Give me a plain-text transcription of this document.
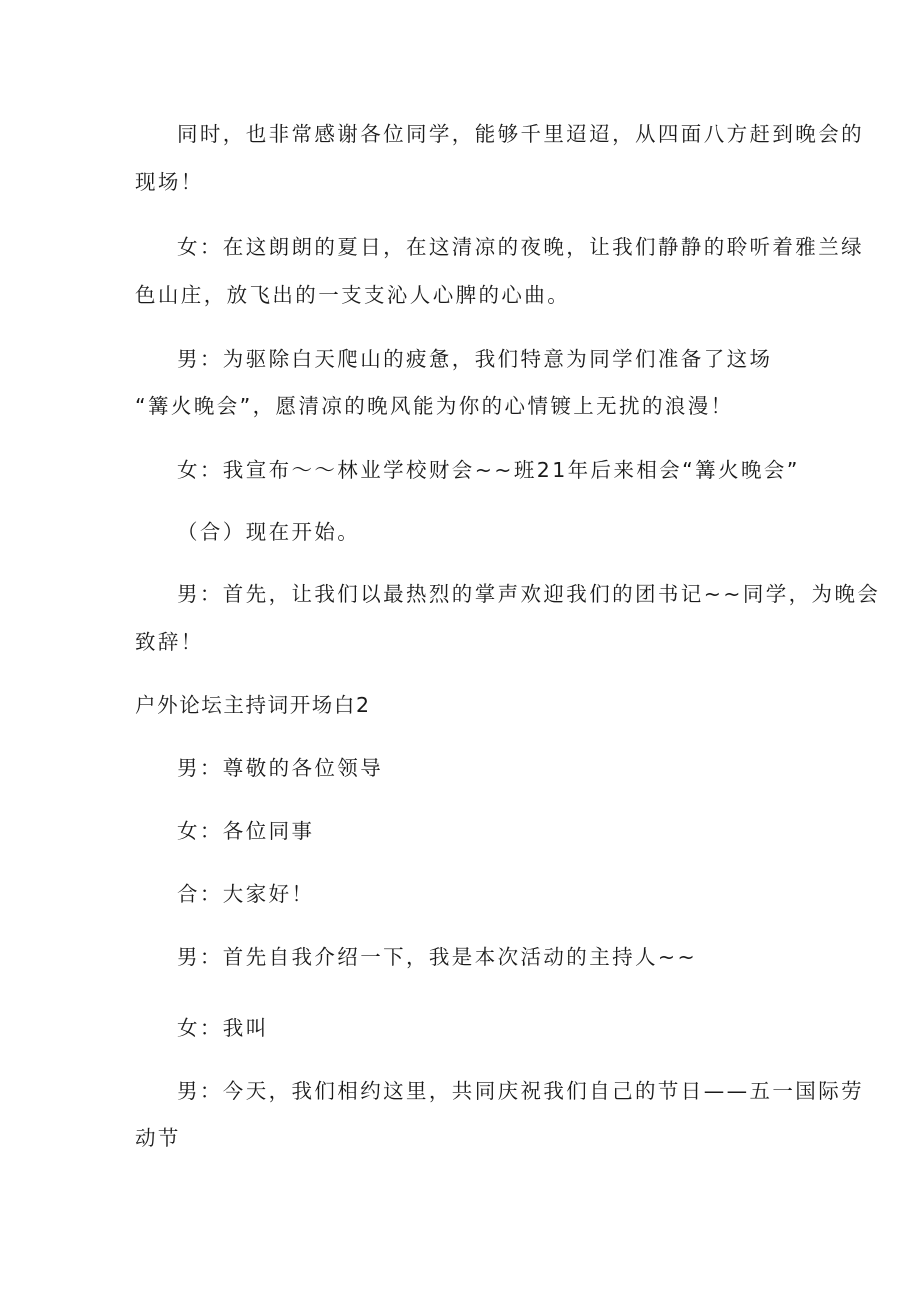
同时，也非常感谢各位同学，能够千里迢迢，从四面八方赶到晚会的
现场！
女：在这朗朗的夏日，在这清凉的夜晚，让我们静静的聆听着雅兰绿
色山庄，放飞出的一支支沁人心脾的心曲。
男：为驱除白天爬山的疲惫，我们特意为同学们准备了这场
“篝火晚会”，愿清凉的晚风能为你的心情镀上无扰的浪漫！
女：我宣布～～林业学校财会~~班21年后来相会“篝火晚会”
（合）现在开始。
男：首先，让我们以最热烈的掌声欢迎我们的团书记~~同学，为晚会
致辞！
户外论坛主持词开场白2
男：尊敬的各位领导
女：各位同事
合：大家好！
男：首先自我介绍一下，我是本次活动的主持人~~
女：我叫
男：今天，我们相约这里，共同庆祝我们自己的节日——五一国际劳
动节
